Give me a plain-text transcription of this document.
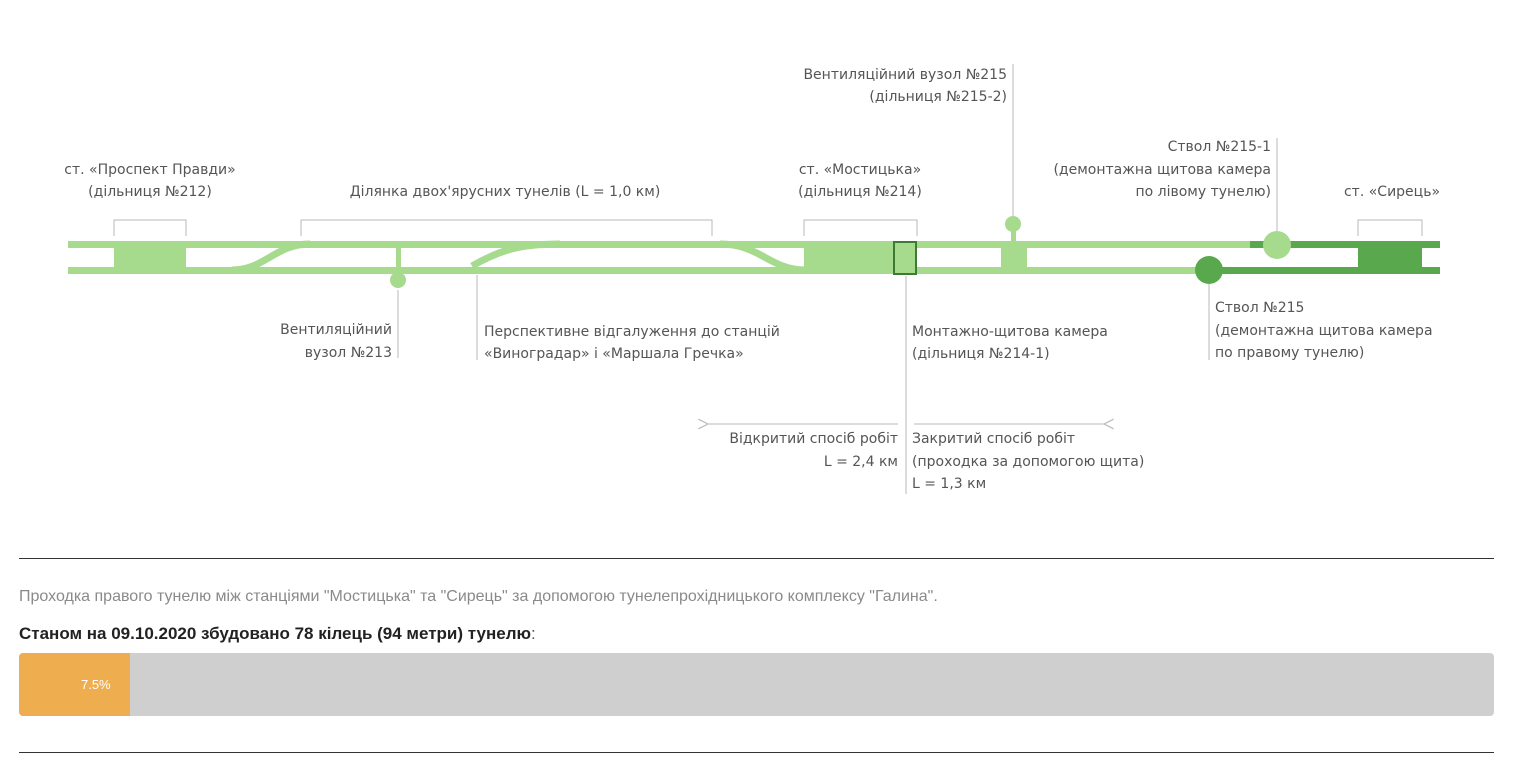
ст. «Проспект Правди»
(дільниця №212)	Ділянка двох'ярусних тунелів (L = 1,0 км)
ст. «Мостицька»
(дільниця №214)
Вентиляційний вузол №215
(дільниця №215-2)
Ствол №215-1
(демонтажна щитова камера
по лівому тунелю)	ст. «Сирець»
Вентиляційний
вузол №213
Перспективне відгалуження до станцій
«Виноградар» і «Маршала Гречка»
Монтажно-щитова камера
(дільниця №214-1)
Ствол №215
(демонтажна щитова камера
по правому тунелю)
Відкритий спосіб робіт
L = 2,4 км
Закритий спосіб робіт
(проходка за допомогою щита)
L = 1,3 км
Проходка правого тунелю між станціями "Мостицька" та "Сирець" за допомогою тунелепрохідницького комплексу "Галина".
Станом на 09.10.2020 збудовано 78 кілець (94 метри) тунелю:
7.5%
